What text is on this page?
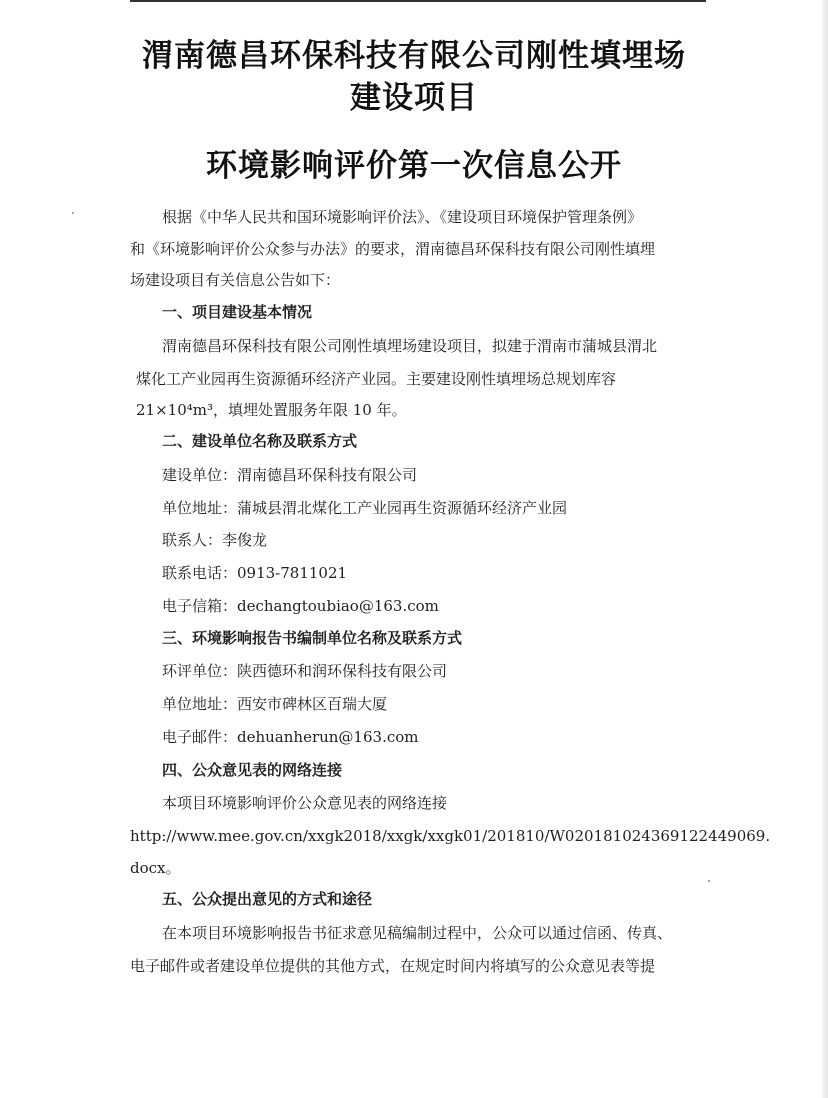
渭南德昌环保科技有限公司刚性填埋场
建设项目
环境影响评价第一次信息公开

根据《中华人民共和国环境影响评价法》、《建设项目环境保护管理条例》

和《环境影响评价公众参与办法》的要求，渭南德昌环保科技有限公司刚性填埋

场建设项目有关信息公告如下：

一、项目建设基本情况

渭南德昌环保科技有限公司刚性填埋场建设项目，拟建于渭南市蒲城县渭北

煤化工产业园再生资源循环经济产业园。主要建设刚性填埋场总规划库容

21×10⁴m³，填埋处置服务年限 10 年。

二、建设单位名称及联系方式

建设单位：渭南德昌环保科技有限公司

单位地址：蒲城县渭北煤化工产业园再生资源循环经济产业园

联系人：李俊龙

联系电话：0913-7811021

电子信箱：dechangtoubiao@163.com

三、环境影响报告书编制单位名称及联系方式

环评单位：陕西德环和润环保科技有限公司

单位地址：西安市碑林区百瑞大厦

电子邮件：dehuanherun@163.com

四、公众意见表的网络连接

本项目环境影响评价公众意见表的网络连接

http://www.mee.gov.cn/xxgk2018/xxgk/xxgk01/201810/W020181024369122449069.

docx。

五、公众提出意见的方式和途径

在本项目环境影响报告书征求意见稿编制过程中，公众可以通过信函、传真、

电子邮件或者建设单位提供的其他方式，在规定时间内将填写的公众意见表等提
